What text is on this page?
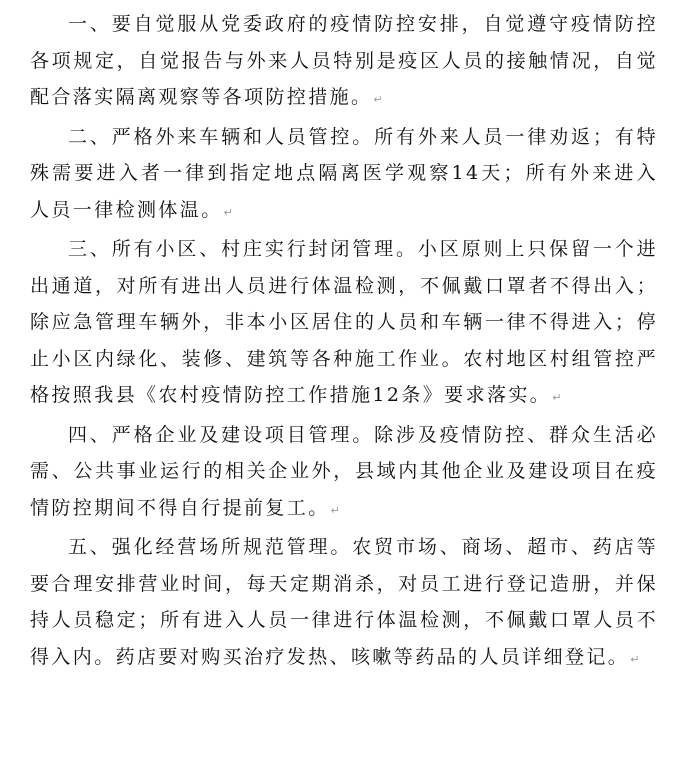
一、要自觉服从党委政府的疫情防控安排，自觉遵守疫情防控各项规定，自觉报告与外来人员特别是疫区人员的接触情况，自觉配合落实隔离观察等各项防控措施。↵

二、严格外来车辆和人员管控。所有外来人员一律劝返；有特殊需要进入者一律到指定地点隔离医学观察14天；所有外来进入人员一律检测体温。↵

三、所有小区、村庄实行封闭管理。小区原则上只保留一个进出通道，对所有进出人员进行体温检测，不佩戴口罩者不得出入；除应急管理车辆外，非本小区居住的人员和车辆一律不得进入；停止小区内绿化、装修、建筑等各种施工作业。农村地区村组管控严格按照我县《农村疫情防控工作措施12条》要求落实。↵

四、严格企业及建设项目管理。除涉及疫情防控、群众生活必需、公共事业运行的相关企业外，县域内其他企业及建设项目在疫情防控期间不得自行提前复工。↵

五、强化经营场所规范管理。农贸市场、商场、超市、药店等要合理安排营业时间，每天定期消杀，对员工进行登记造册，并保持人员稳定；所有进入人员一律进行体温检测，不佩戴口罩人员不得入内。药店要对购买治疗发热、咳嗽等药品的人员详细登记。↵
